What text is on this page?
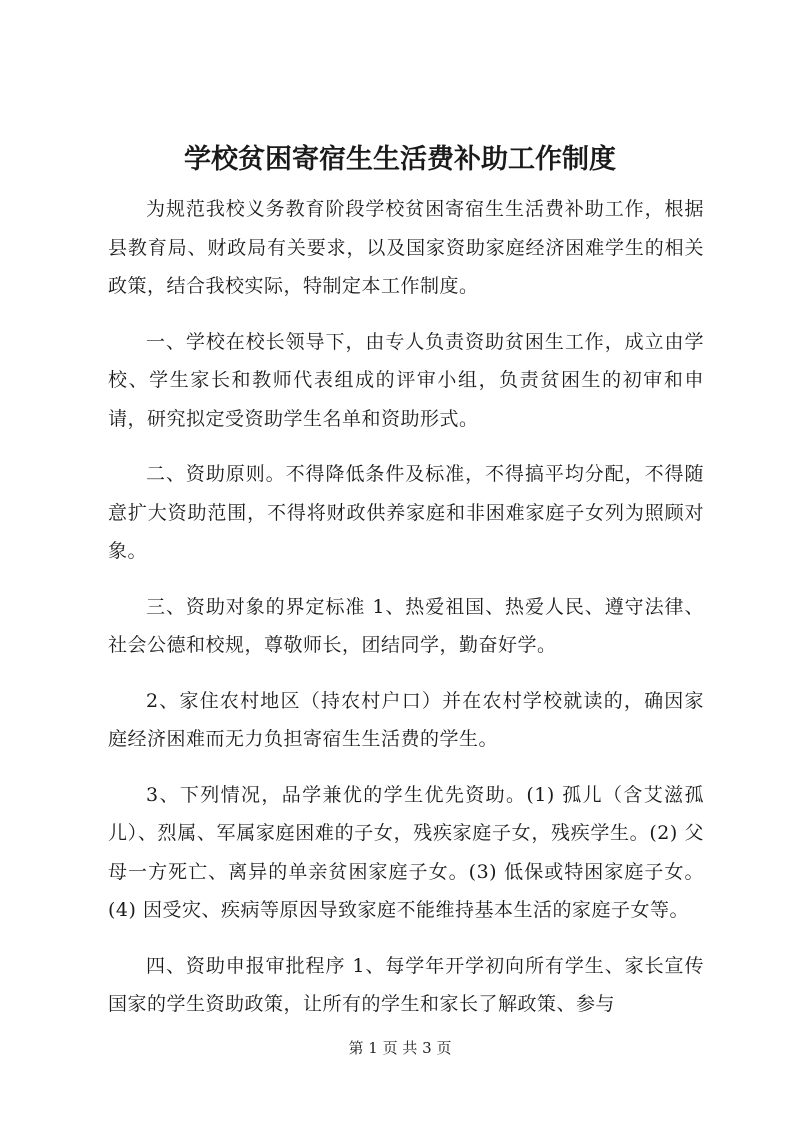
学校贫困寄宿生生活费补助工作制度

为规范我校义务教育阶段学校贫困寄宿生生活费补助工作，根据县教育局、财政局有关要求，以及国家资助家庭经济困难学生的相关政策，结合我校实际，特制定本工作制度。

一、学校在校长领导下，由专人负责资助贫困生工作，成立由学校、学生家长和教师代表组成的评审小组，负责贫困生的初审和申请，研究拟定受资助学生名单和资助形式。

二、资助原则。不得降低条件及标准，不得搞平均分配，不得随意扩大资助范围，不得将财政供养家庭和非困难家庭子女列为照顾对象。

三、资助对象的界定标准 1、热爱祖国、热爱人民、遵守法律、社会公德和校规，尊敬师长，团结同学，勤奋好学。

2、家住农村地区（持农村户口）并在农村学校就读的，确因家庭经济困难而无力负担寄宿生生活费的学生。

3、下列情况，品学兼优的学生优先资助。(1) 孤儿（含艾滋孤儿）、烈属、军属家庭困难的子女，残疾家庭子女，残疾学生。(2) 父母一方死亡、离异的单亲贫困家庭子女。(3) 低保或特困家庭子女。(4) 因受灾、疾病等原因导致家庭不能维持基本生活的家庭子女等。

四、资助申报审批程序 1、每学年开学初向所有学生、家长宣传国家的学生资助政策，让所有的学生和家长了解政策、参与

第 1 页 共 3 页
